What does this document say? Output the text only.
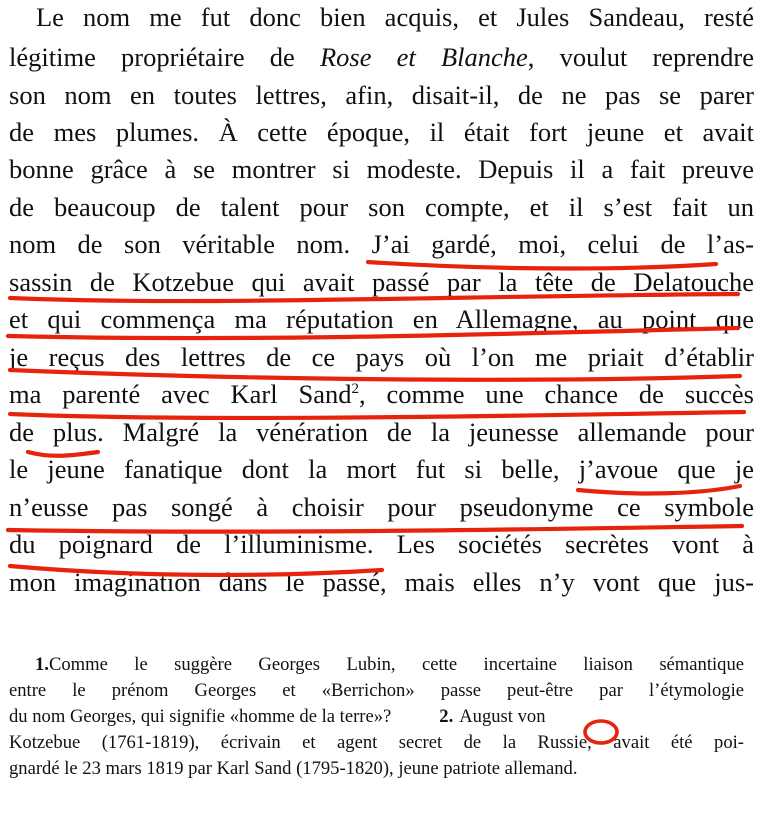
Le nom me fut donc bien acquis, et Jules Sandeau, resté
légitime propriétaire de Rose et Blanche, voulut reprendre
son nom en toutes lettres, afin, disait-il, de ne pas se parer
de mes plumes. À cette époque, il était fort jeune et avait
bonne grâce à se montrer si modeste. Depuis il a fait preuve
de beaucoup de talent pour son compte, et il s’est fait un
nom de son véritable nom. J’ai gardé, moi, celui de l’as-
sassin de Kotzebue qui avait passé par la tête de Delatouche
et qui commença ma réputation en Allemagne, au point que
je reçus des lettres de ce pays où l’on me priait d’établir
ma parenté avec Karl Sand$^2$, comme une chance de succès
de plus. Malgré la vénération de la jeunesse allemande pour
le jeune fanatique dont la mort fut si belle, j’avoue que je
n’eusse pas songé à choisir pour pseudonyme ce symbole
du poignard de l’illuminisme. Les sociétés secrètes vont à
mon imagination dans le passé, mais elles n’y vont que jus-
1.Comme le suggère Georges Lubin, cette incertaine liaison sémantique
entre le prénom Georges et «Berrichon» passe peut-être par l’étymologie
du nom Georges, qui signifie «homme de la terre»?	2. August von
Kotzebue (1761-1819), écrivain et agent secret de la Russie, avait été poi-
gnardé le 23 mars 1819 par Karl Sand (1795-1820), jeune patriote allemand.
